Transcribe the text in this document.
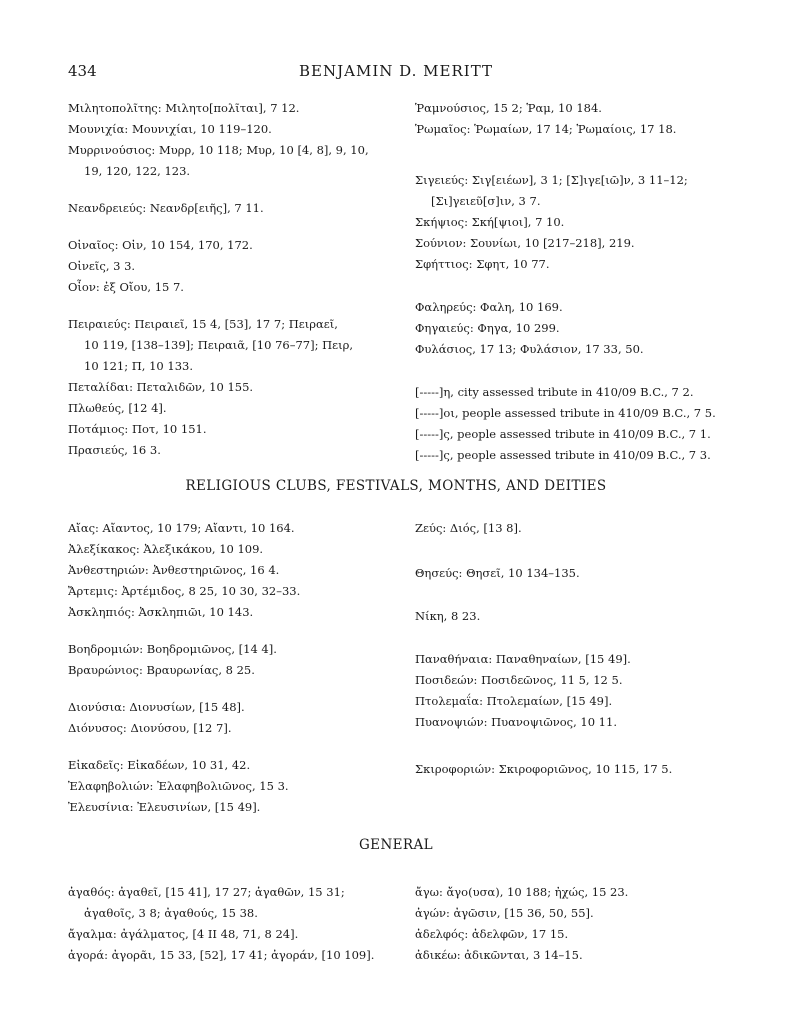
434	BENJAMIN D. MERITT
Μιλητοπολῖτης: Μιλητο[πολῖται], 7 12.
Μουνιχία: Μουνιχίαι, 10 119–120.
Μυρρινούσιος: Μυρρ, 10 118; Μυρ, 10 [4, 8], 9, 10,
19, 120, 122, 123.
Νεανδρειεύς: Νεανδρ[ειῆς], 7 11.
Οἰναῖος: Οἰν, 10 154, 170, 172.
Οἰνεῖς, 3 3.
Οἶον: ἐξ Οἴου, 15 7.
Πειραιεύς: Πειραιεῖ, 15 4, [53], 17 7; Πειραεῖ,
10 119, [138–139]; Πειραιᾶ, [10 76–77]; Πειρ,
10 121; Π, 10 133.
Πεταλίδαι: Πεταλιδῶν, 10 155.
Πλωθεύς, [12 4].
Ποτάμιος: Ποτ, 10 151.
Πρασιεύς, 16 3.
Ῥαμνούσιος, 15 2; Ῥαμ, 10 184.
Ῥωμαῖος: Ῥωμαίων, 17 14; Ῥωμαίοις, 17 18.
Σιγειεύς: Σιγ[ειέων], 3 1; [Σ]ιγε[ιῶ]ν, 3 11–12;
[Σι]γειεῦ[σ]ιν, 3 7.
Σκήψιος: Σκή[ψιοι], 7 10.
Σούνιον: Σουνίωι, 10 [217–218], 219.
Σφήττιος: Σφητ, 10 77.
Φαληρεύς: Φαλη, 10 169.
Φηγαιεύς: Φηγα, 10 299.
Φυλάσιος, 17 13; Φυλάσιον, 17 33, 50.
[-----]η, city assessed tribute in 410/09 B.C., 7 2.
[-----]οι, people assessed tribute in 410/09 B.C., 7 5.
[-----]ς, people assessed tribute in 410/09 B.C., 7 1.
[-----]ς, people assessed tribute in 410/09 B.C., 7 3.
RELIGIOUS CLUBS, FESTIVALS, MONTHS, AND DEITIES
Αἴας: Αἴαντος, 10 179; Αἴαντι, 10 164.
Ἀλεξίκακος: Ἀλεξικάκου, 10 109.
Ἀνθεστηριών: Ἀνθεστηριῶνος, 16 4.
Ἄρτεμις: Ἀρτέμιδος, 8 25, 10 30, 32–33.
Ἀσκληπιός: Ἀσκληπιῶι, 10 143.
Βοηδρομιών: Βοηδρομιῶνος, [14 4].
Βραυρώνιος: Βραυρωνίας, 8 25.
Διονύσια: Διονυσίων, [15 48].
Διόνυσος: Διονύσου, [12 7].
Εἰκαδεῖς: Εἰκαδέων, 10 31, 42.
Ἐλαφηβολιών: Ἐλαφηβολιῶνος, 15 3.
Ἐλευσίνια: Ἐλευσινίων, [15 49].
Ζεύς: Διός, [13 8].
Θησεύς: Θησεῖ, 10 134–135.
Νίκη, 8 23.
Παναθήναια: Παναθηναίων, [15 49].
Ποσιδεών: Ποσιδεῶνος, 11 5, 12 5.
Πτολεμαΐα: Πτολεμαίων, [15 49].
Πυανοψιών: Πυανοψιῶνος, 10 11.
Σκιροφοριών: Σκιροφοριῶνος, 10 115, 17 5.
GENERAL
ἀγαθός: ἀγαθεῖ, [15 41], 17 27; ἀγαθῶν, 15 31;
ἀγαθοῖς, 3 8; ἀγαθούς, 15 38.
ἄγαλμα: ἀγάλματος, [4 II 48, 71, 8 24].
ἀγορά: ἀγορᾶι, 15 33, [52], 17 41; ἀγοράν, [10 109].
ἄγω: ἄγο(υσα), 10 188; ἠχώς, 15 23.
ἀγών: ἀγῶσιν, [15 36, 50, 55].
ἀδελφός: ἀδελφῶν, 17 15.
ἀδικέω: ἀδικῶνται, 3 14–15.
